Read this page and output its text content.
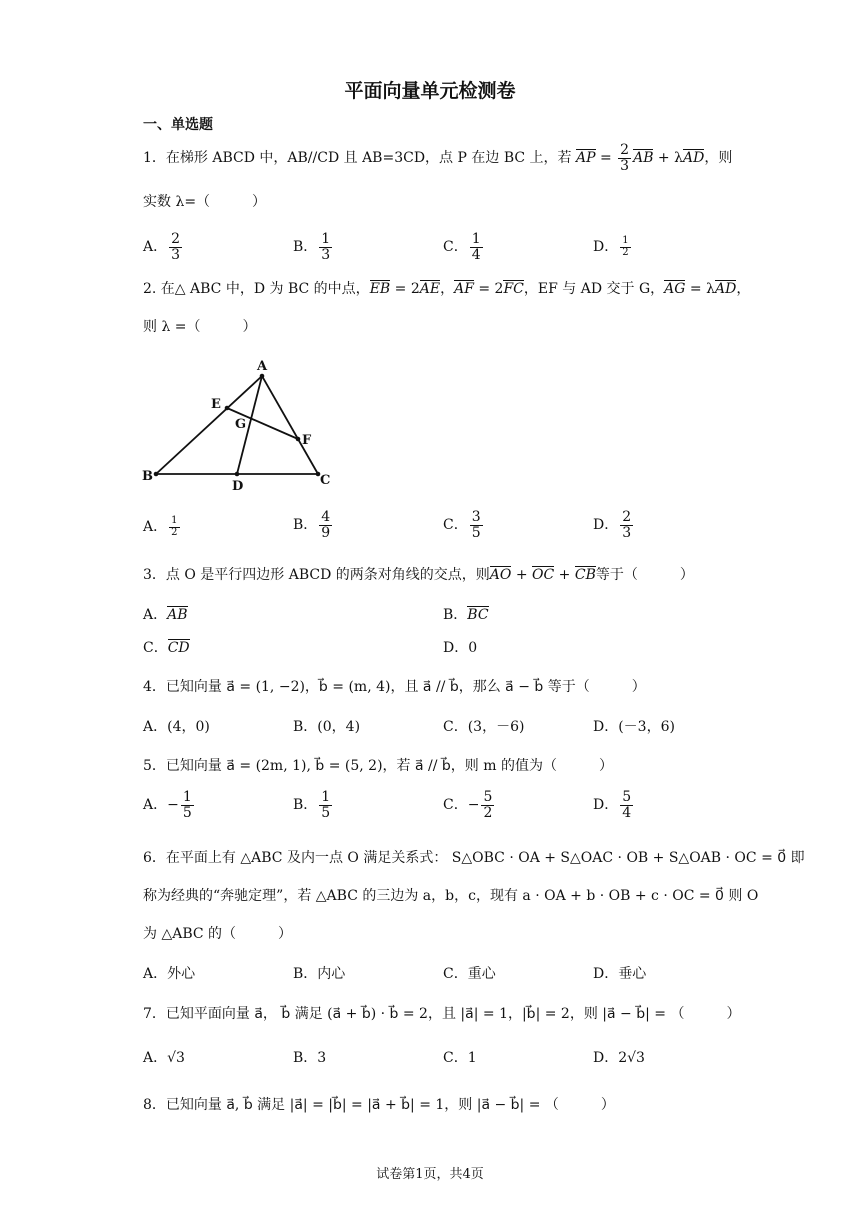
平面向量单元检测卷
一、单选题
1．在梯形 ABCD 中，AB//CD 且 AB=3CD，点 P 在边 BC 上，若 AP = $\frac{2}{3}$ AB + λAD，则
实数 λ=（　　　）
A． $\frac{2}{3}$	B． $\frac{1}{3}$	C． $\frac{1}{4}$	D． $\frac{1}{2}$
2. 在△ ABC 中，D 为 BC 的中点，EB = 2AE，AF = 2FC，EF 与 AD 交于 G，AG = λAD，
则 λ =（　　　）
A
E
G
F
B
D	C
A． $\frac{1}{2}$	B． $\frac{4}{9}$	C． $\frac{3}{5}$	D． $\frac{2}{3}$
3．点 O 是平行四边形 ABCD 的两条对角线的交点，则AO + OC + CB等于（　　　）
A．AB	B．BC
C．CD	D．0
4．已知向量 a⃗ = (1, −2)，b⃗ = (m, 4)，且 a⃗ // b⃗，那么 a⃗ − b⃗ 等于（　　　）
A．(4，0)	B．(0，4)	C．(3，－6)	D．(－3，6)
5．已知向量 a⃗ = (2m, 1), b⃗ = (5, 2)，若 a⃗ // b⃗，则 m 的值为（　　　）
A．− $\frac{1}{5}$	B． $\frac{1}{5}$	C．− $\frac{5}{2}$	D． $\frac{5}{4}$
6．在平面上有 △ABC 及内一点 O 满足关系式： S△OBC · OA + S△OAC · OB + S△OAB · OC = 0⃗ 即
称为经典的“奔驰定理”，若 △ABC 的三边为 a，b，c，现有 a · OA + b · OB + c · OC = 0⃗ 则 O
为 △ABC 的（　　　）
A．外心	B．内心	C．重心	D．垂心
7．已知平面向量 a⃗， b⃗ 满足 (a⃗ + b⃗) · b⃗ = 2，且 |a⃗| = 1，|b⃗| = 2，则 |a⃗ − b⃗| = （　　　）
A．√3	B．3	C．1	D．2√3
8．已知向量 a⃗, b⃗ 满足 |a⃗| = |b⃗| = |a⃗ + b⃗| = 1，则 |a⃗ − b⃗| = （　　　）
试卷第1页，共4页
